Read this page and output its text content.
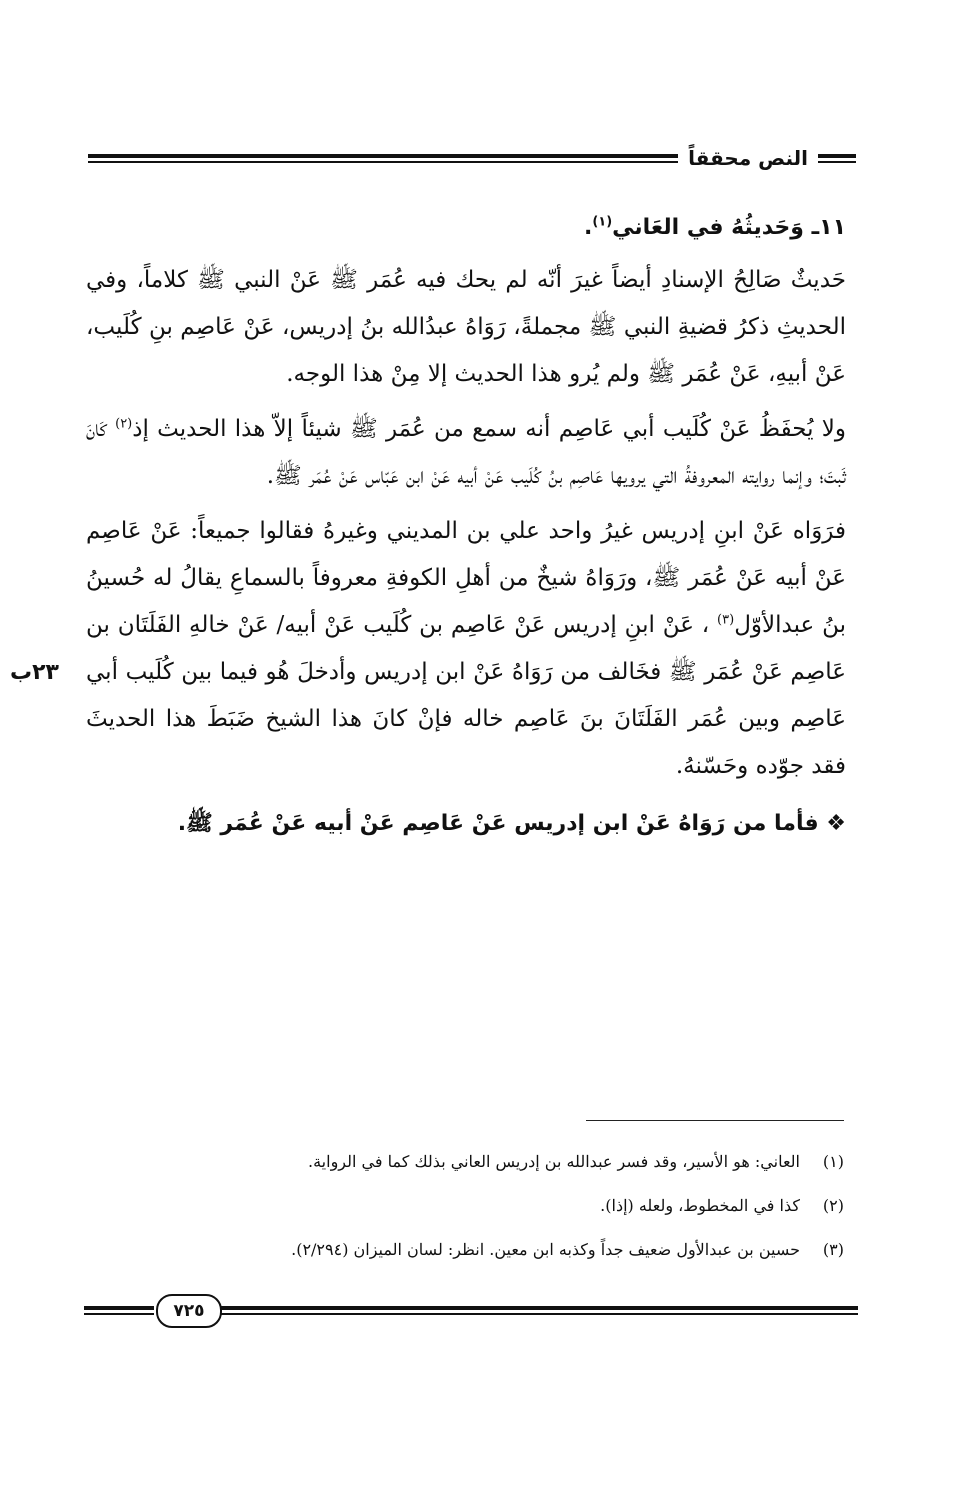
النص محققاً
١١ـ وَحَديثُهُ في العَاني$^{(١)}$.

حَديثٌ صَالِحُ الإسنادِ أيضاً غيرَ أنّه لم يحك فيه عُمَر ﷺ عَنْ النبي ﷺ كلاماً، وفي الحديثِ ذكرُ قضيةِ النبي ﷺ مجملةً، رَوَاهُ عبدُالله بنُ إدريس، عَنْ عَاصِم بنِ كُلَيب، عَنْ أبيهِ، عَنْ عُمَر ﷺ ولم يُرو هذا الحديث إلا مِنْ هذا الوجه.

ولا يُحفَظُ عَنْ كُلَيب أبي عَاصِم أنه سمع من عُمَر ﷺ شيئاً إلاّ هذا الحديث إذ$^{(٢)}$ كَانَ ثَبتَ؛ وإنما روايته المعروفةُ التي يرويها عَاصِم بنُ كُلَيب عَنْ أبيه عَنْ ابن عَبّاس عَنْ عُمَر ﷺ.

فرَوَاه عَنْ ابنِ إدريس غيرُ واحد علي بن المديني وغيرهُ فقالوا جميعاً: عَنْ عَاصِم عَنْ أبيه عَنْ عُمَر ﷺ، ورَوَاهُ شيخٌ من أهلِ الكوفةِ معروفاً بالسماعِ يقالُ له حُسينُ بنُ عبدالأوّل$^{(٣)}$ ، عَنْ ابنِ إدريس عَنْ عَاصِم بن كُلَيب عَنْ أبيه/ عَنْ خالهِ الفَلَتَان بن عَاصِم عَنْ عُمَر ﷺ فخَالف من رَوَاهُ عَنْ ابن إدريس وأدخلَ هُو فيما بين كُلَيب أبي عَاصِم وبين عُمَر الفَلَتَانَ بنَ عَاصِم خاله فإنْ كانَ هذا الشيخ ضَبَطَ هذا الحديثَ فقد جوّده وحَسّنهُ.
٢٣ب

❖ فأما من رَوَاهُ عَنْ ابن إدريس عَنْ عَاصِم عَنْ أبيه عَنْ عُمَر ﷺ.
(١)
العاني: هو الأسير، وقد فسر عبدالله بن إدريس العاني بذلك كما في الرواية.
(٢)
كذا في المخطوط، ولعله (إذا).
(٣)
حسين بن عبدالأول ضعيف جداً وكذبه ابن معين. انظر: لسان الميزان (٢/٢٩٤).
٧٢٥
